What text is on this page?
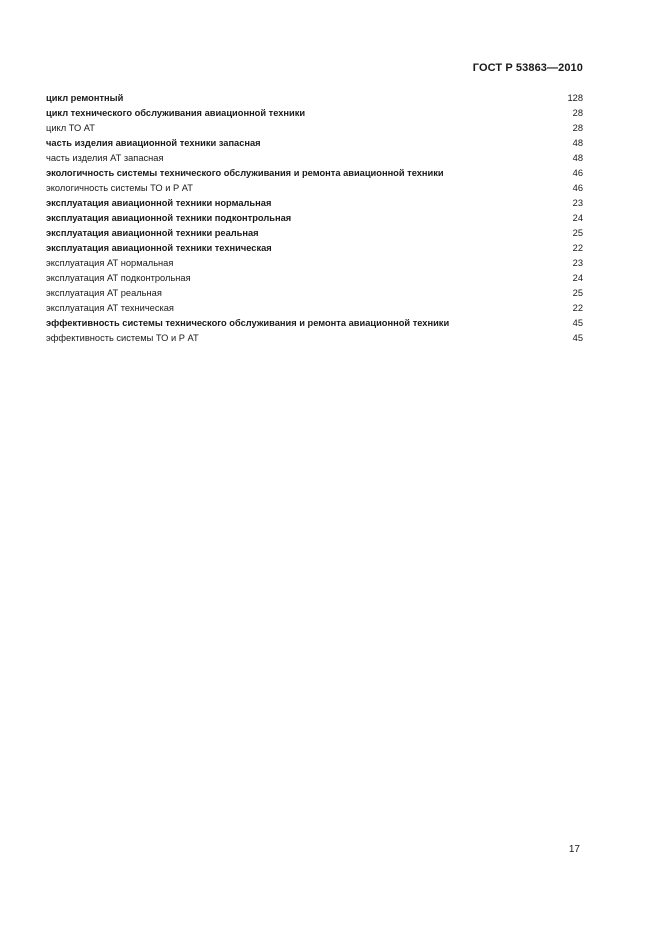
ГОСТ Р 53863—2010
цикл ремонтный	128
цикл технического обслуживания авиационной техники	28
цикл ТО АТ	28
часть изделия авиационной техники запасная	48
часть изделия АТ запасная	48
экологичность системы технического обслуживания и ремонта авиационной техники	46
экологичность системы ТО и Р АТ	46
эксплуатация авиационной техники нормальная	23
эксплуатация авиационной техники подконтрольная	24
эксплуатация авиационной техники реальная	25
эксплуатация авиационной техники техническая	22
эксплуатация АТ нормальная	23
эксплуатация АТ подконтрольная	24
эксплуатация АТ реальная	25
эксплуатация АТ техническая	22
эффективность системы технического обслуживания и ремонта авиационной техники	45
эффективность системы ТО и Р АТ	45
17
